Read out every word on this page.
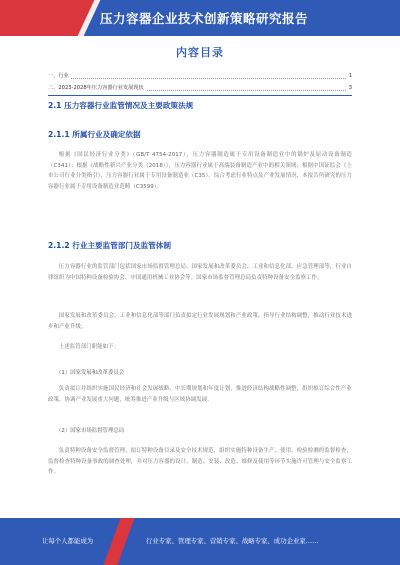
压力容器企业技术创新策略研究报告
内容目录
一、行业	1
二、2023-2028年压力容器行业发展现状	3
2.1 压力容器行业监管情况及主要政策法规
2.1.1 所属行业及确定依据
根据《国民经济行业分类》（GB/T 4754-2017），压力容器制造属于专用设备制造业中的锅炉及原动设备制造（C341）；根据《战略性新兴产业分类（2018）》，压力容器行业属于高端装备制造产业中的相关领域；根据中国证监会《上市公司行业分类指引》，压力容器行业属于专用设备制造业（C35）。综合考虑行业特点及产业发展情况，本报告所研究的压力容器行业属于专用设备制造业范畴（C3599）。
2.1.2 行业主要监管部门及监管体制
压力容器行业的监管部门包括国家市场监督管理总局、国家发展和改革委员会、工业和信息化部、应急管理部等，行业自律组织为中国特种设备检验协会、中国通用机械工业协会等。国家市场监督管理总局负责特种设备安全监察工作。
国家发展和改革委员会、工业和信息化部等部门负责拟定行业发展规划和产业政策，指导行业结构调整，推动行业技术进步和产业升级。
上述监管部门职能如下：
（1）国家发展和改革委员会
负责拟订并组织实施国民经济和社会发展战略、中长期规划和年度计划，推进经济结构战略性调整，组织拟订综合性产业政策，协调产业发展重大问题，统筹推进产业升级与区域协调发展。
（2）国家市场监督管理总局
负责特种设备安全监督管理，拟订特种设备目录及安全技术规范，组织实施特种设备生产、使用、检验检测的监督检查，监督检查特种设备事故的调查处理，并对压力容器的设计、制造、安装、改造、维修及使用等环节实施许可管理与安全监察工作。
让每个人都能成为	行业专家、管理专家、营销专家、战略专家、成功企业家……
